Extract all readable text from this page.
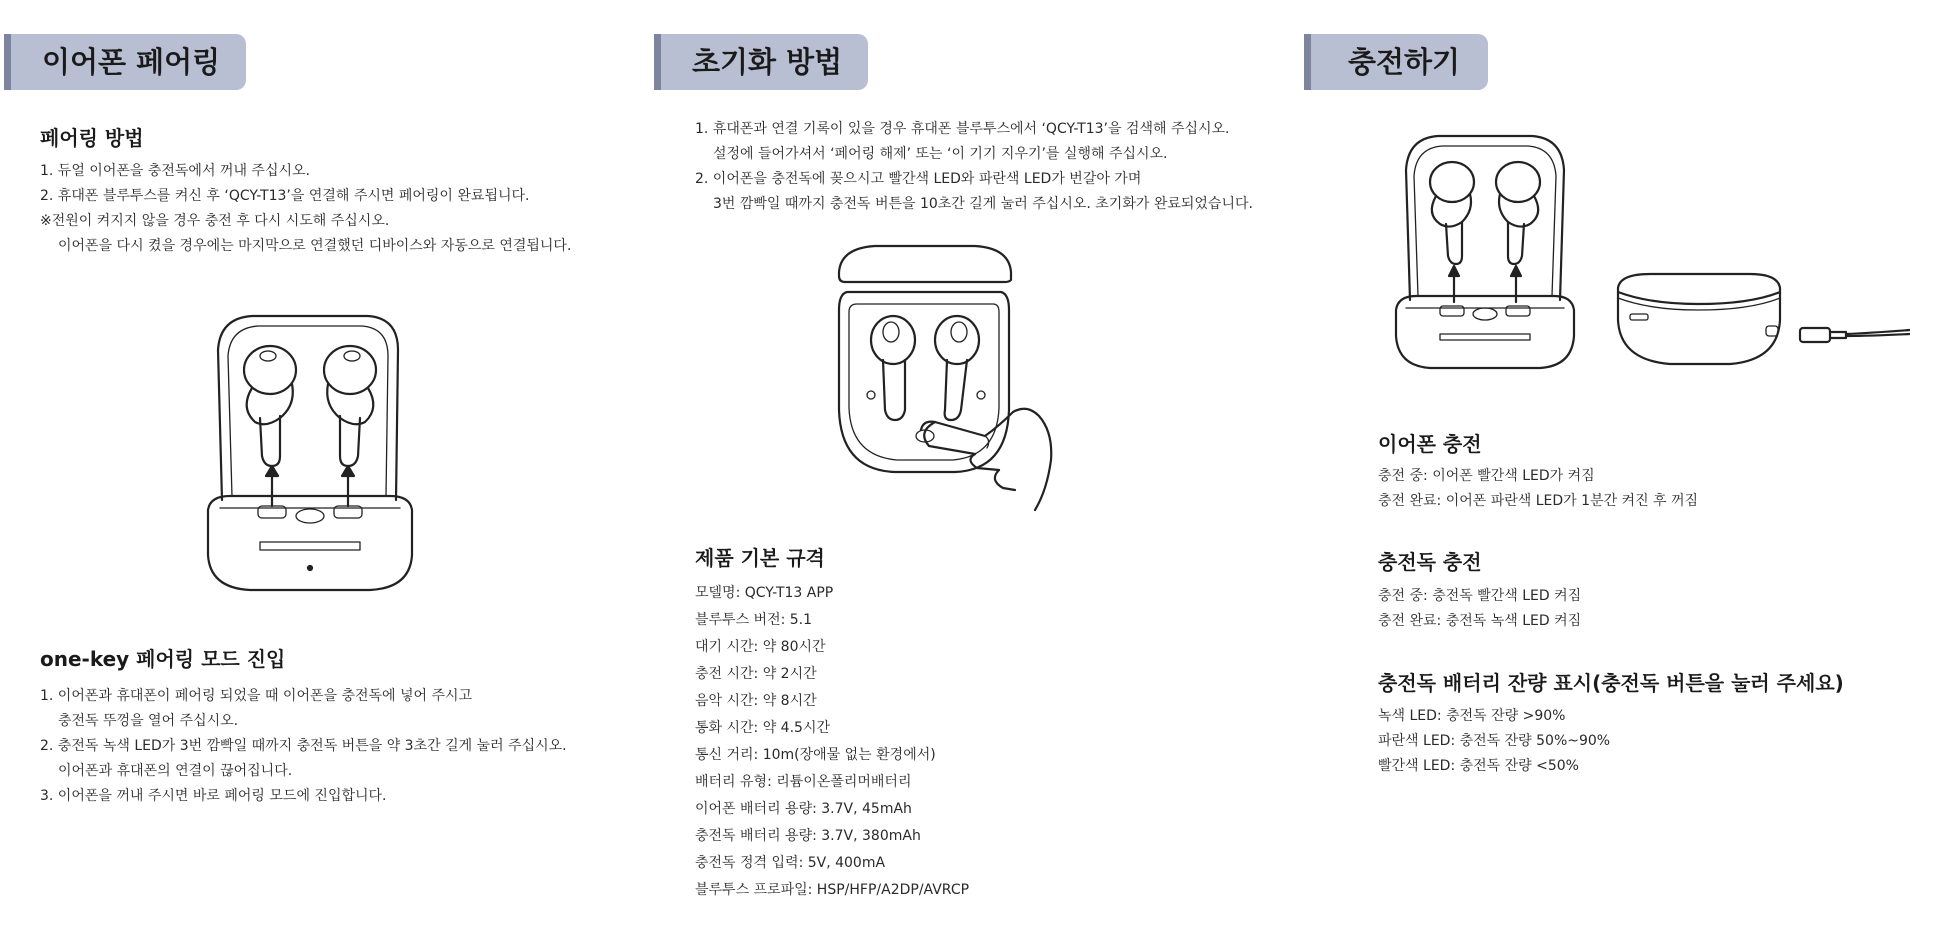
이어폰 페어링
페어링 방법
1. 듀얼 이어폰을 충전독에서 꺼내 주십시오.
2. 휴대폰 블루투스를 켜신 후 ‘QCY-T13’을 연결해 주시면 페어링이 완료됩니다.
※전원이 켜지지 않을 경우 충전 후 다시 시도해 주십시오.
이어폰을 다시 켰을 경우에는 마지막으로 연결했던 디바이스와 자동으로 연결됩니다.
one-key 페어링 모드 진입
1. 이어폰과 휴대폰이 페어링 되었을 때 이어폰을 충전독에 넣어 주시고
충전독 뚜껑을 열어 주십시오.
2. 충전독 녹색 LED가 3번 깜빡일 때까지 충전독 버튼을 약 3초간 길게 눌러 주십시오.
이어폰과 휴대폰의 연결이 끊어집니다.
3. 이어폰을 꺼내 주시면 바로 페어링 모드에 진입합니다.
초기화 방법
1. 휴대폰과 연결 기록이 있을 경우 휴대폰 블루투스에서 ‘QCY-T13’을 검색해 주십시오.
설정에 들어가셔서 ‘페어링 해제’ 또는 ‘이 기기 지우기’를 실행해 주십시오.
2. 이어폰을 충전독에 꽂으시고 빨간색 LED와 파란색 LED가 번갈아 가며
3번 깜빡일 때까지 충전독 버튼을 10초간 길게 눌러 주십시오. 초기화가 완료되었습니다.
제품 기본 규격
모델명: QCY-T13 APP
블루투스 버전: 5.1
대기 시간: 약 80시간
충전 시간: 약 2시간
음악 시간: 약 8시간
통화 시간: 약 4.5시간
통신 거리: 10m(장애물 없는 환경에서)
배터리 유형: 리튬이온폴리머배터리
이어폰 배터리 용량: 3.7V, 45mAh
충전독 배터리 용량: 3.7V, 380mAh
충전독 정격 입력: 5V, 400mA
블루투스 프로파일: HSP/HFP/A2DP/AVRCP
충전하기
이어폰 충전
충전 중: 이어폰 빨간색 LED가 켜짐
충전 완료: 이어폰 파란색 LED가 1분간 켜진 후 꺼짐
충전독 충전
충전 중: 충전독 빨간색 LED 켜짐
충전 완료: 충전독 녹색 LED 켜짐
충전독 배터리 잔량 표시(충전독 버튼을 눌러 주세요)
녹색 LED: 충전독 잔량 >90%
파란색 LED: 충전독 잔량 50%~90%
빨간색 LED: 충전독 잔량 <50%
